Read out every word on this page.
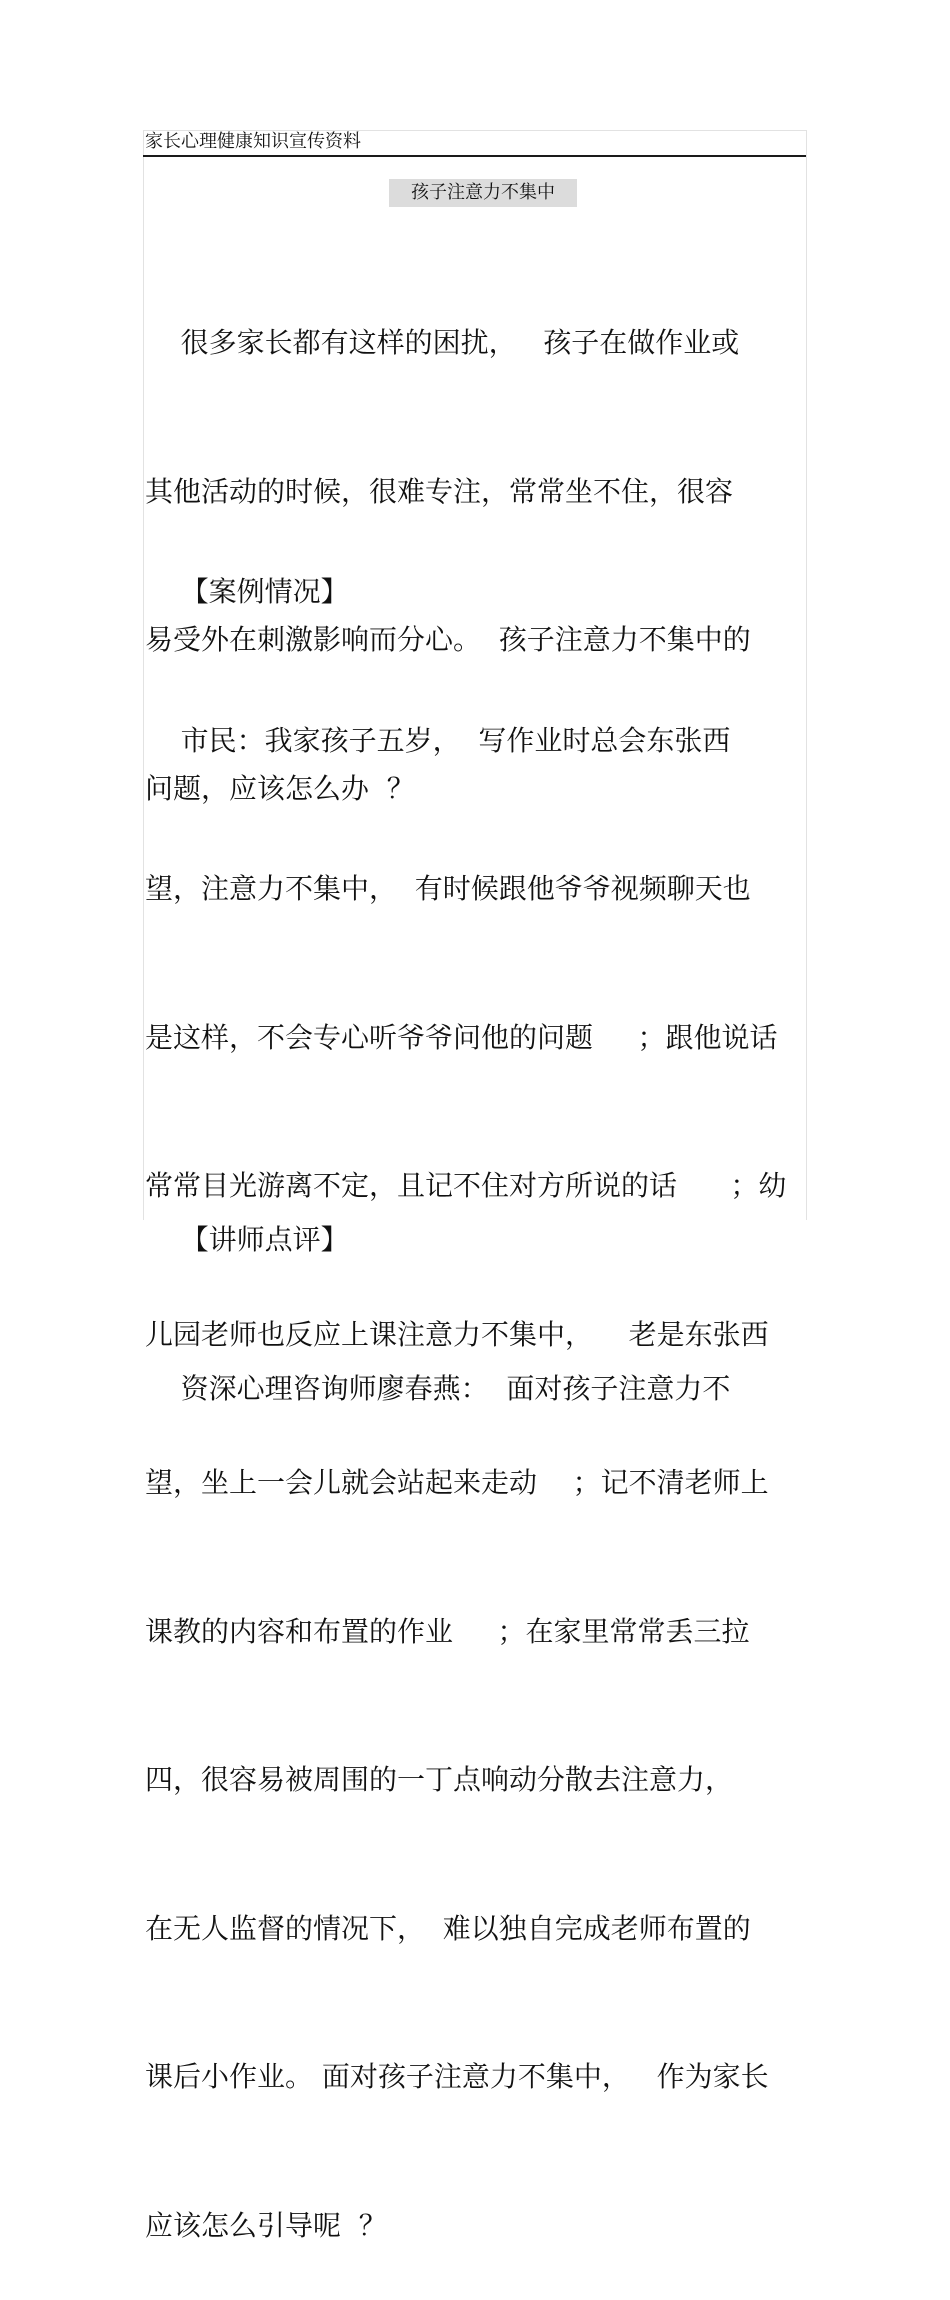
家长心理健康知识宣传资料
孩子注意力不集中

很多家长都有这样的困扰，   孩子在做作业或

其他活动的时候，很难专注，常常坐不住，很容

易受外在刺激影响而分心。  孩子注意力不集中的

问题，应该怎么办  ？

【案例情况】

市民：我家孩子五岁，  写作业时总会东张西

望，注意力不集中，  有时候跟他爷爷视频聊天也

是这样，不会专心听爷爷问他的问题     ；跟他说话

常常目光游离不定，且记不住对方所说的话      ；幼

儿园老师也反应上课注意力不集中，    老是东张西

望，坐上一会儿就会站起来走动    ；记不清老师上

课教的内容和布置的作业     ；在家里常常丢三拉

四，很容易被周围的一丁点响动分散去注意力，

在无人监督的情况下，  难以独自完成老师布置的

课后小作业。 面对孩子注意力不集中，   作为家长

应该怎么引导呢  ？

【讲师点评】

资深心理咨询师廖春燕：  面对孩子注意力不
